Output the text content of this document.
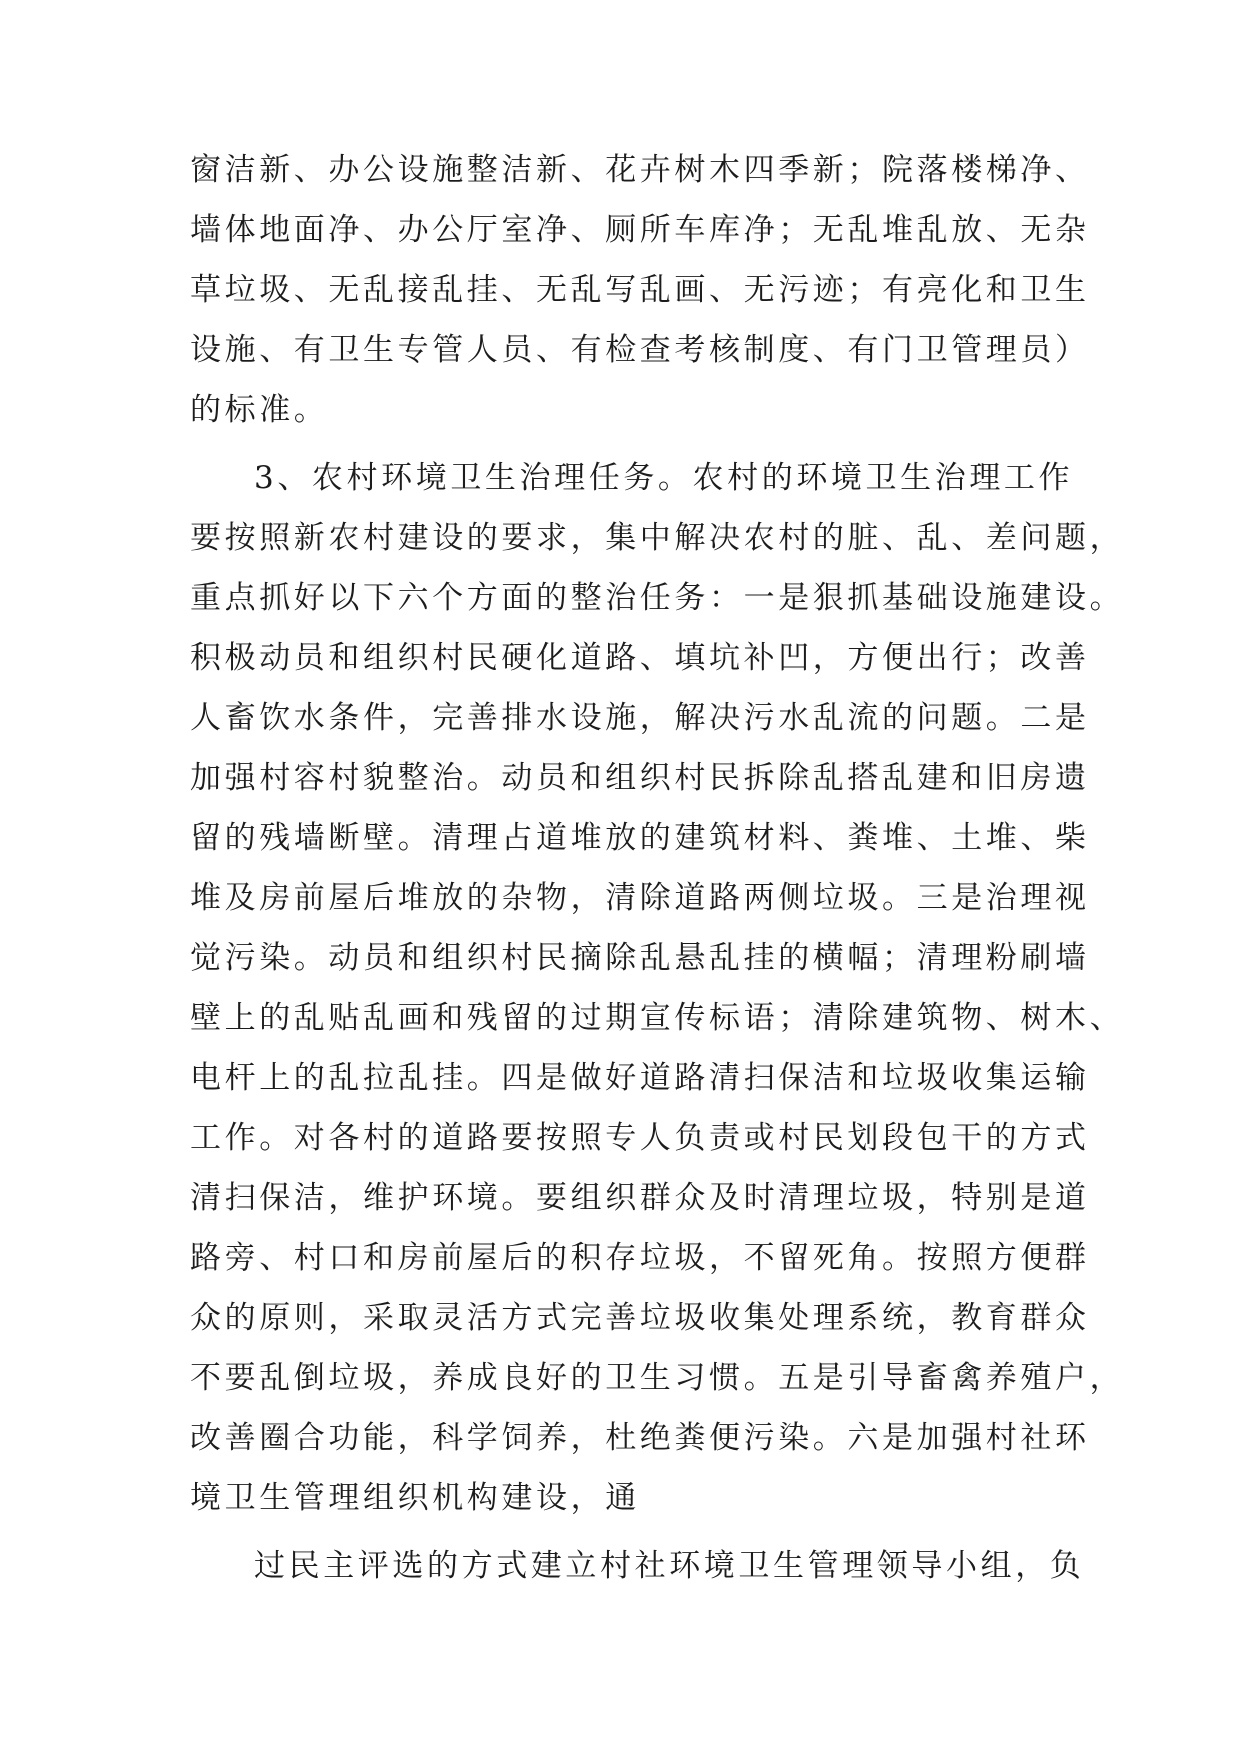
窗洁新、办公设施整洁新、花卉树木四季新；院落楼梯净、
墙体地面净、办公厅室净、厕所车库净；无乱堆乱放、无杂
草垃圾、无乱接乱挂、无乱写乱画、无污迹；有亮化和卫生
设施、有卫生专管人员、有检查考核制度、有门卫管理员）
的标准。
3、农村环境卫生治理任务。农村的环境卫生治理工作
要按照新农村建设的要求，集中解决农村的脏、乱、差问题，
重点抓好以下六个方面的整治任务：一是狠抓基础设施建设。
积极动员和组织村民硬化道路、填坑补凹，方便出行；改善
人畜饮水条件，完善排水设施，解决污水乱流的问题。二是
加强村容村貌整治。动员和组织村民拆除乱搭乱建和旧房遗
留的残墙断壁。清理占道堆放的建筑材料、粪堆、土堆、柴
堆及房前屋后堆放的杂物，清除道路两侧垃圾。三是治理视
觉污染。动员和组织村民摘除乱悬乱挂的横幅；清理粉刷墙
壁上的乱贴乱画和残留的过期宣传标语；清除建筑物、树木、
电杆上的乱拉乱挂。四是做好道路清扫保洁和垃圾收集运输
工作。对各村的道路要按照专人负责或村民划段包干的方式
清扫保洁，维护环境。要组织群众及时清理垃圾，特别是道
路旁、村口和房前屋后的积存垃圾，不留死角。按照方便群
众的原则，采取灵活方式完善垃圾收集处理系统，教育群众
不要乱倒垃圾，养成良好的卫生习惯。五是引导畜禽养殖户，
改善圈合功能，科学饲养，杜绝粪便污染。六是加强村社环
境卫生管理组织机构建设，通
过民主评选的方式建立村社环境卫生管理领导小组，负
